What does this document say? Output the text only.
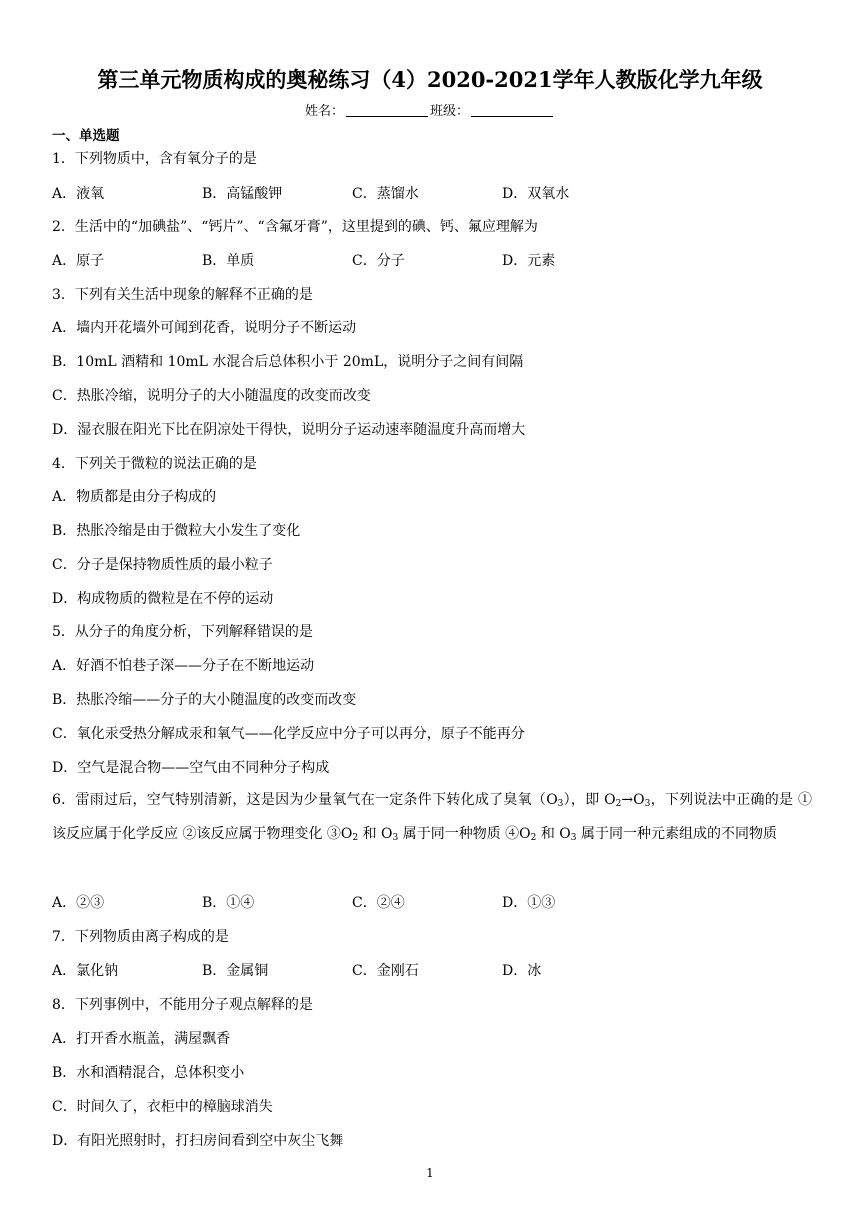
第三单元物质构成的奥秘练习（4）2020-2021学年人教版化学九年级
姓名：	班级：
一、单选题
1．下列物质中，含有氧分子的是
A．液氧	B．高锰酸钾	C．蒸馏水	D．双氧水
2．生活中的“加碘盐”、“钙片”、“含氟牙膏”，这里提到的碘、钙、氟应理解为
A．原子	B．单质	C．分子	D．元素
3．下列有关生活中现象的解释不正确的是
A．墙内开花墙外可闻到花香，说明分子不断运动
B．10mL 酒精和 10mL 水混合后总体积小于 20mL，说明分子之间有间隔
C．热胀冷缩，说明分子的大小随温度的改变而改变
D．湿衣服在阳光下比在阴凉处干得快，说明分子运动速率随温度升高而增大
4．下列关于微粒的说法正确的是
A．物质都是由分子构成的
B．热胀冷缩是由于微粒大小发生了变化
C．分子是保持物质性质的最小粒子
D．构成物质的微粒是在不停的运动
5．从分子的角度分析，下列解释错误的是
A．好酒不怕巷子深——分子在不断地运动
B．热胀冷缩——分子的大小随温度的改变而改变
C．氧化汞受热分解成汞和氧气——化学反应中分子可以再分，原子不能再分
D．空气是混合物——空气由不同种分子构成
6．雷雨过后，空气特别清新，这是因为少量氧气在一定条件下转化成了臭氧$(O_3)$，即 $O_2\to O_3$，下列说法中正确的是 ①该反应属于化学反应 ②该反应属于物理变化 $③O_2$ 和 $O_3$ 属于同一种物质 $④O_2$ 和 $O_3$ 属于同一种元素组成的不同物质
A．②③	B．①④	C．②④	D．①③
7．下列物质由离子构成的是
A．氯化钠	B．金属铜	C．金刚石	D．冰
8．下列事例中，不能用分子观点解释的是
A．打开香水瓶盖，满屋飘香
B．水和酒精混合，总体积变小
C．时间久了，衣柜中的樟脑球消失
D．有阳光照射时，打扫房间看到空中灰尘飞舞
1
